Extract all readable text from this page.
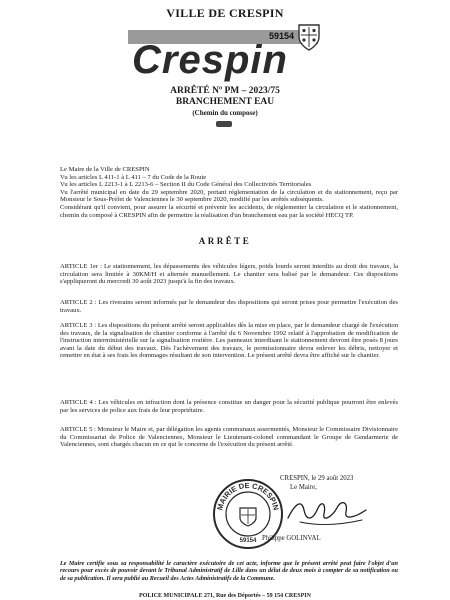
VILLE DE CRESPIN
59154
Crespin
ARRÊTÉ Nº PM – 2023/75
BRANCHEMENT EAU
(Chemin du compose)

Le Maire de la Ville de CRESPIN

Vu les articles L 411-1 à L 411 – 7 du Code de la Route

Vu les articles L 2213-1 à L 2213-6 – Section II du Code Général des Collectivités Territoriales

Vu l'arrêté municipal en date du 29 septembre 2020, portant réglementation de la circulation et du stationnement, reçu par Monsieur le Sous-Préfet de Valenciennes le 30 septembre 2020, modifié par les arrêtés subséquents.

Considérant qu'il convient, pour assurer la sécurité et prévenir les accidents, de réglementer la circulation et le stationnement, chemin du composé à CRESPIN afin de permettre la réalisation d'un branchement eau par la société HECQ TP.

ARRÊTE

ARTICLE 1er : Le stationnement, les dépassements des véhicules légers, poids lourds seront interdits au droit des travaux, la circulation sera limitée à 30KM/H et alternée manuellement. Le chantier sera balisé par le demandeur. Ces dispositions s'appliqueront du mercredi 30 août 2023 jusqu'à la fin des travaux.

ARTICLE 2 : Les riverains seront informés par le demandeur des dispositions qui seront prises pour permettre l'exécution des travaux.

ARTICLE 3 : Les dispositions du présent arrêté seront applicables dès la mise en place, par le demandeur chargé de l'exécution des travaux, de la signalisation de chantier conforme à l'arrêté du 6 Novembre 1992 relatif à l'approbation de modification de l'instruction interministérielle sur la signalisation routière. Les panneaux interdisant le stationnement devront être posés 8 jours avant la date du début des travaux. Dès l'achèvement des travaux, le permissionnaire devra enlever les débris, nettoyer et remettre en état à ses frais les dommages résultant de son intervention. Le présent arrêté devra être affiché sur le chantier.

ARTICLE 4 : Les véhicules en infraction dont la présence constitue un danger pour la sécurité publique pourront être enlevés par les services de police aux frais de leur propriétaire.

ARTICLE 5 : Monsieur le Maire et, par délégation les agents communaux assermentés, Monsieur le Commissaire Divisionnaire du Commissariat de Police de Valenciennes, Monsieur le Lieutenant-colonel commandant le Groupe de Gendarmerie de Valenciennes, sont chargés chacun en ce qui le concerne de l'exécution du présent arrêté.

CRESPIN, le 29 août 2023
Le Maire,
MAIRIE DE CRESPIN
59154 Philippe GOLINVAL
Le Maire certifie sous sa responsabilité le caractère exécutoire de cet acte, informe que le présent arrêté peut faire l'objet d'un recours pour excès de pouvoir devant le Tribunal Administratif de Lille dans un délai de deux mois à compter de sa notification ou de sa publication. Il sera publié au Recueil des Actes Administratifs de la Commune.
POLICE MUNICIPALE 271, Rue des Déportés – 59 154 CRESPIN
